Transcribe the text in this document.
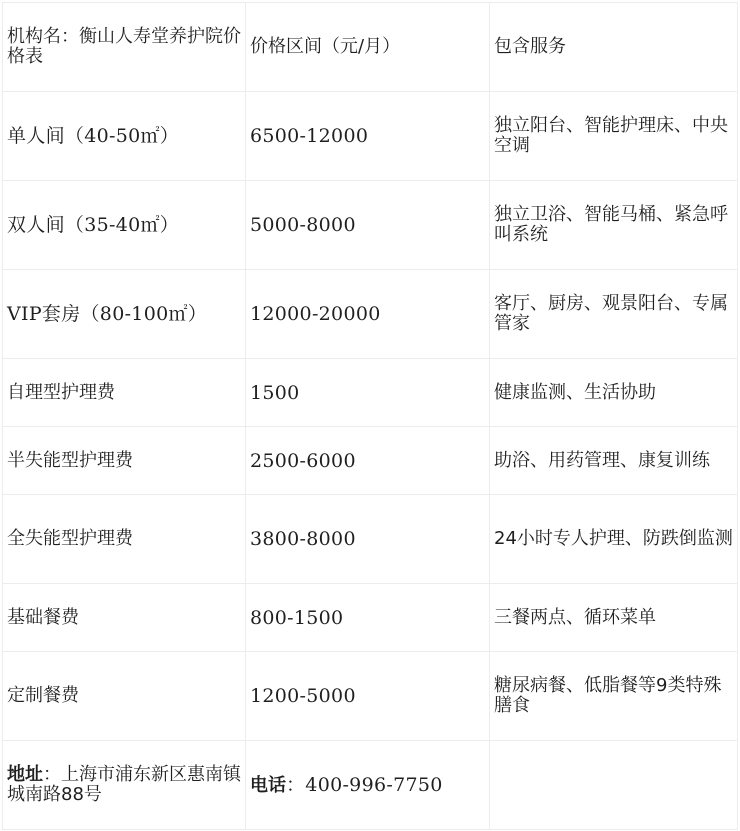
机构名：衡山人寿堂养护院价格表	价格区间（元/月）	包含服务
单人间（40-50㎡）	6500-12000	独立阳台、智能护理床、中央空调
双人间（35-40㎡）	5000-8000	独立卫浴、智能马桶、紧急呼叫系统
VIP套房（80-100㎡）	12000-20000	客厅、厨房、观景阳台、专属管家
自理型护理费	1500	健康监测、生活协助
半失能型护理费	2500-6000	助浴、用药管理、康复训练
全失能型护理费	3800-8000	24小时专人护理、防跌倒监测
基础餐费	800-1500	三餐两点、循环菜单
定制餐费	1200-5000	糖尿病餐、低脂餐等9类特殊膳食
地址：上海市浦东新区惠南镇城南路88号	电话：400-996-7750	
